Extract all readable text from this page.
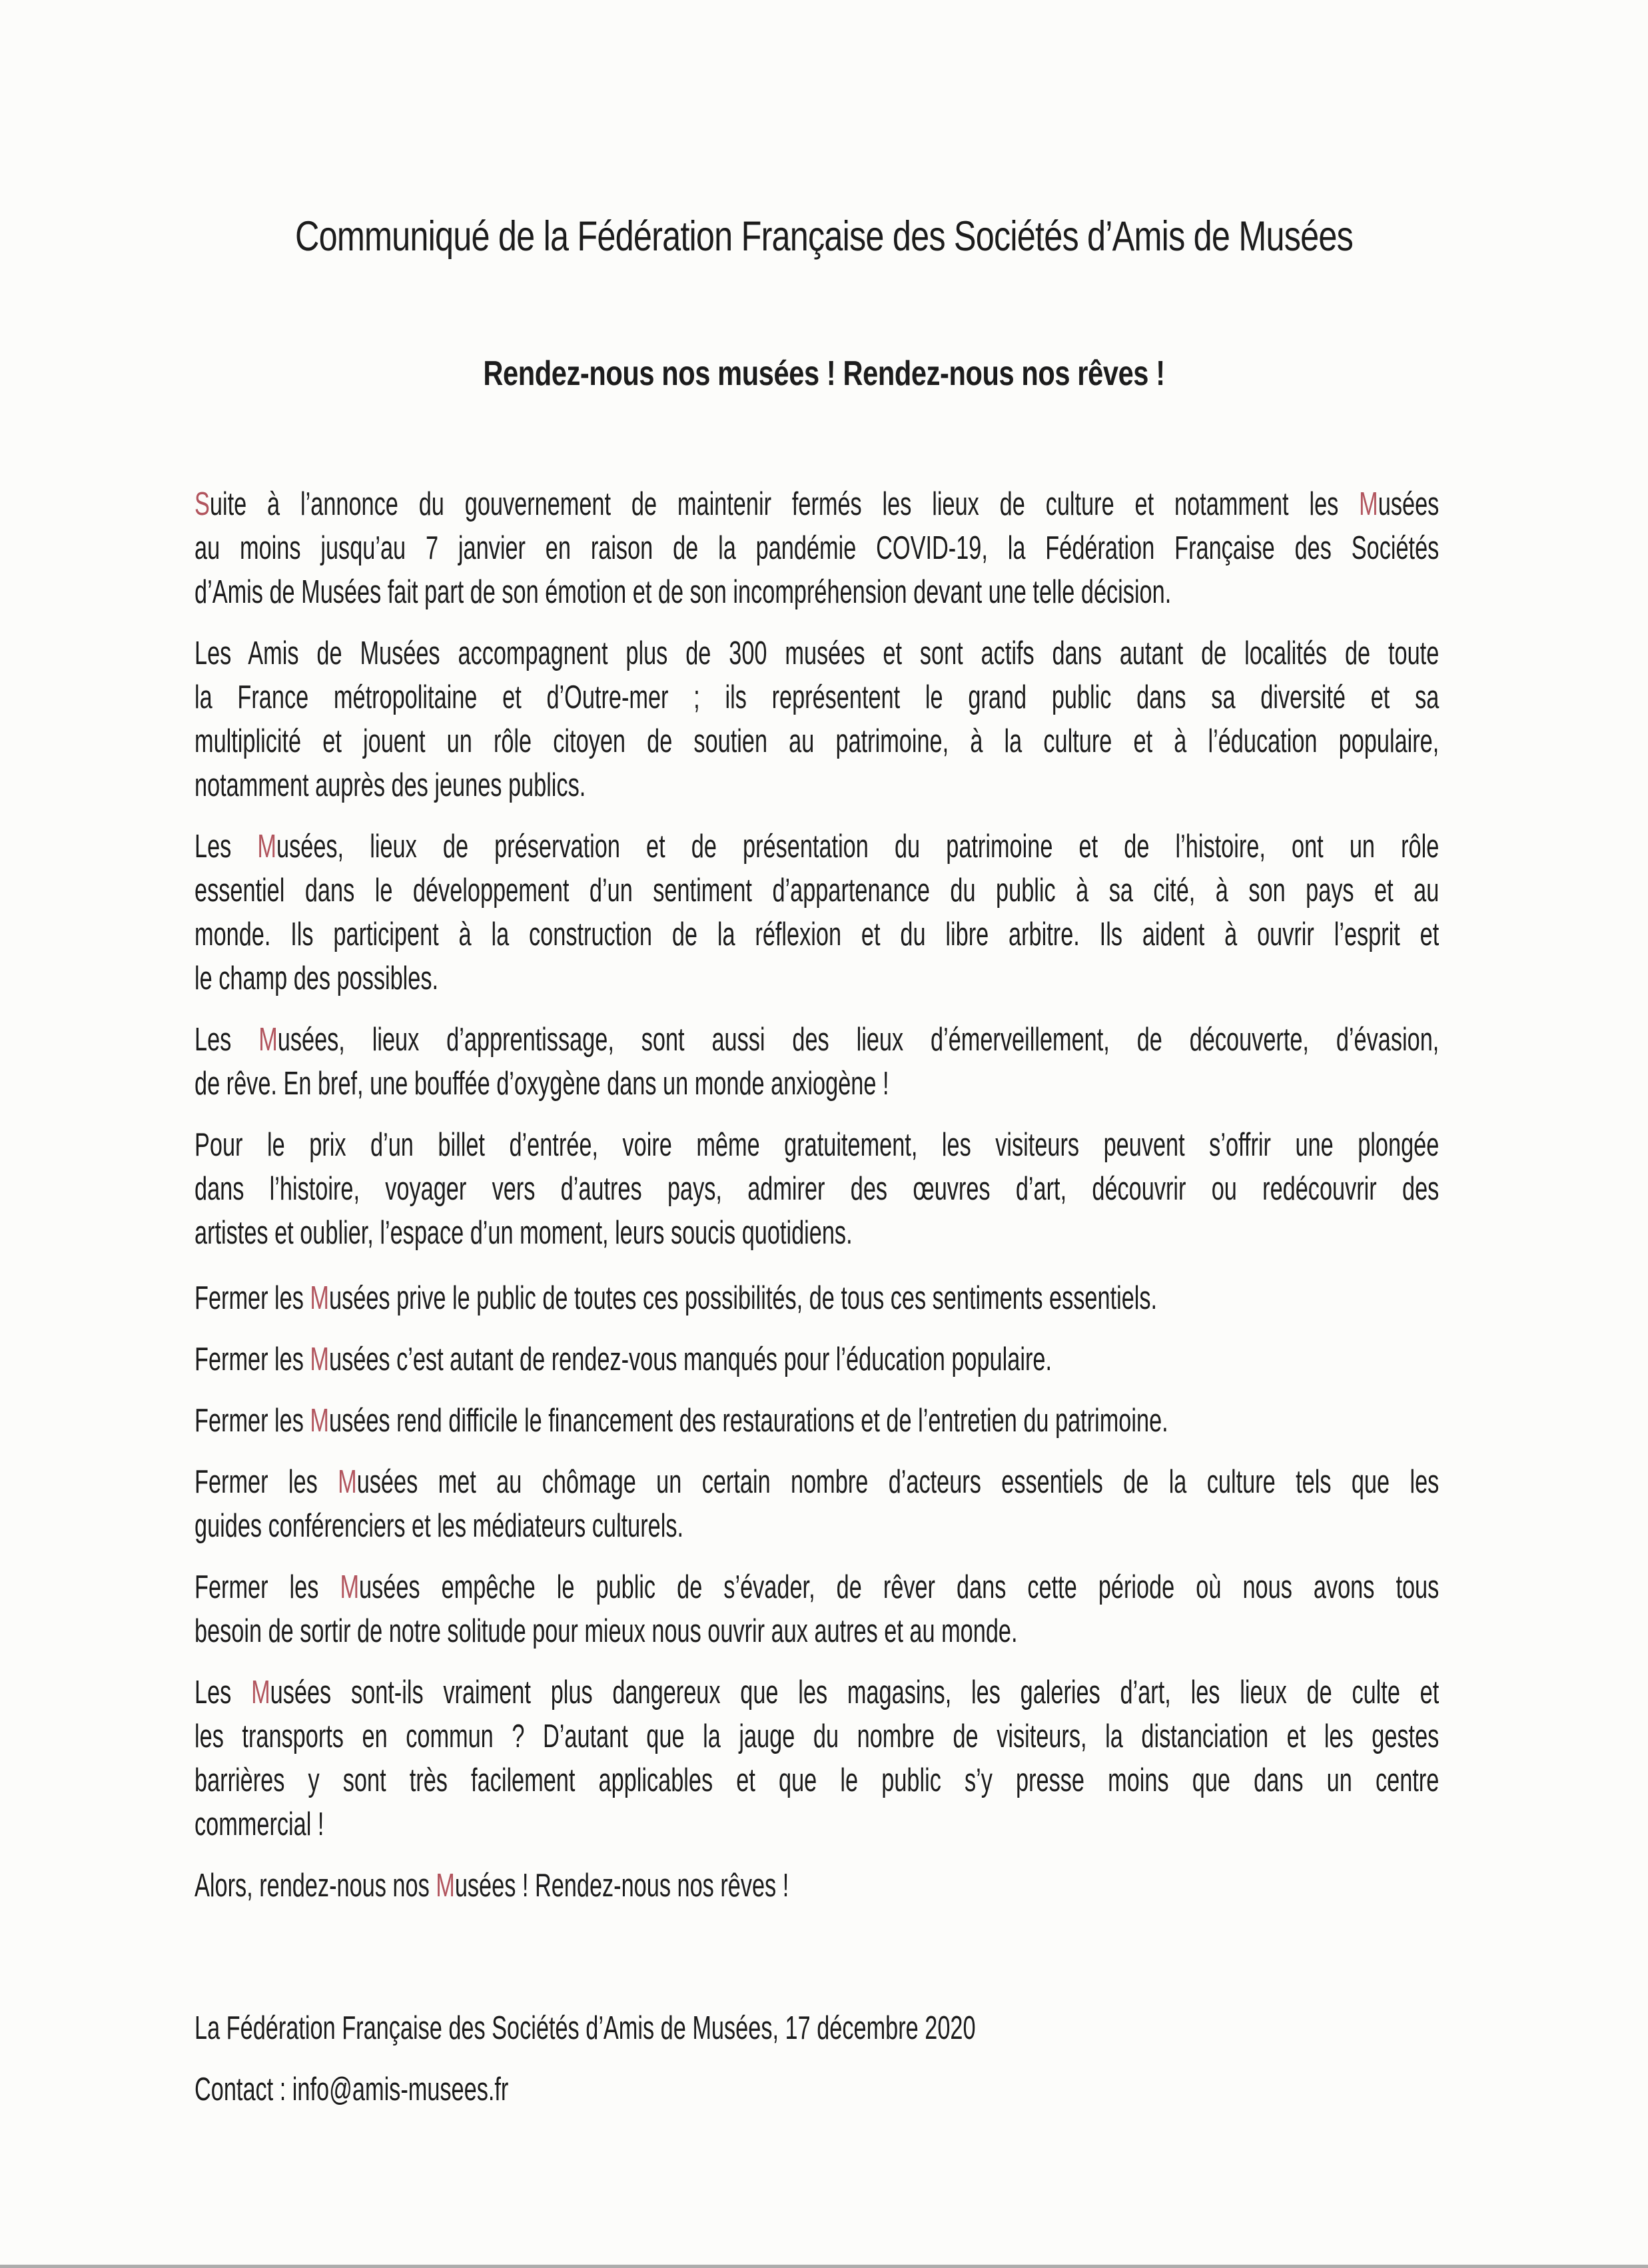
Communiqué de la Fédération Française des Sociétés d’Amis de Musées
Rendez-nous nos musées ! Rendez-nous nos rêves !
Suite à l’annonce du gouvernement de maintenir fermés les lieux de culture et notamment les Musées
au moins jusqu’au 7 janvier en raison de la pandémie COVID-19, la Fédération Française des Sociétés
d’Amis de Musées fait part de son émotion et de son incompréhension devant une telle décision.
Les Amis de Musées accompagnent plus de 300 musées et sont actifs dans autant de localités de toute
la France métropolitaine et d’Outre-mer ; ils représentent le grand public dans sa diversité et sa
multiplicité et jouent un rôle citoyen de soutien au patrimoine, à la culture et à l’éducation populaire,
notamment auprès des jeunes publics.
Les Musées, lieux de préservation et de présentation du patrimoine et de l’histoire, ont un rôle
essentiel dans le développement d’un sentiment d’appartenance du public à sa cité, à son pays et au
monde. Ils participent à la construction de la réflexion et du libre arbitre. Ils aident à ouvrir l’esprit et
le champ des possibles.
Les Musées, lieux d’apprentissage, sont aussi des lieux d’émerveillement, de découverte, d’évasion,
de rêve. En bref, une bouffée d’oxygène dans un monde anxiogène !
Pour le prix d’un billet d’entrée, voire même gratuitement, les visiteurs peuvent s’offrir une plongée
dans l’histoire, voyager vers d’autres pays, admirer des œuvres d’art, découvrir ou redécouvrir des
artistes et oublier, l’espace d’un moment, leurs soucis quotidiens.
Fermer les Musées prive le public de toutes ces possibilités, de tous ces sentiments essentiels.
Fermer les Musées c’est autant de rendez-vous manqués pour l’éducation populaire.
Fermer les Musées rend difficile le financement des restaurations et de l’entretien du patrimoine.
Fermer les Musées met au chômage un certain nombre d’acteurs essentiels de la culture tels que les
guides conférenciers et les médiateurs culturels.
Fermer les Musées empêche le public de s’évader, de rêver dans cette période où nous avons tous
besoin de sortir de notre solitude pour mieux nous ouvrir aux autres et au monde.
Les Musées sont-ils vraiment plus dangereux que les magasins, les galeries d’art, les lieux de culte et
les transports en commun ? D’autant que la jauge du nombre de visiteurs, la distanciation et les gestes
barrières y sont très facilement applicables et que le public s’y presse moins que dans un centre
commercial !
Alors, rendez-nous nos Musées ! Rendez-nous nos rêves !
La Fédération Française des Sociétés d’Amis de Musées, 17 décembre 2020
Contact : info@amis-musees.fr
